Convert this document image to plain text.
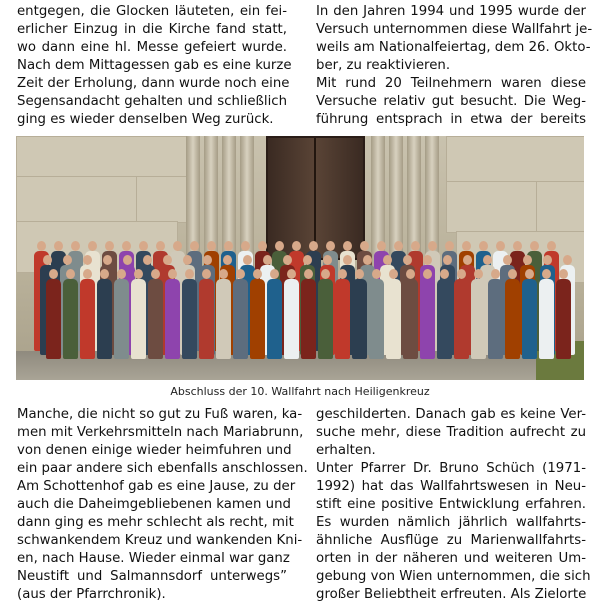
entgegen, die Glocken läuteten, ein fei-
erlicher Einzug in die Kirche fand statt,
wo dann eine hl. Messe gefeiert wurde.
Nach dem Mittagessen gab es eine kurze
Zeit der Erholung, dann wurde noch eine
Segensandacht gehalten und schließlich
ging es wieder denselben Weg zurück.
In den Jahren 1994 und 1995 wurde der
Versuch unternommen diese Wallfahrt je-
weils am Nationalfeiertag, dem 26. Okto-
ber, zu reaktivieren.
Mit rund 20 Teilnehmern waren diese
Versuche relativ gut besucht. Die Weg-
führung entsprach in etwa der bereits
Abschluss der 10. Wallfahrt nach Heiligenkreuz
Manche, die nicht so gut zu Fuß waren, ka-
men mit Verkehrsmitteln nach Mariabrunn,
von denen einige wieder heimfuhren und
ein paar andere sich ebenfalls anschlossen.
Am Schottenhof gab es eine Jause, zu der
auch die Daheimgebliebenen kamen und
dann ging es mehr schlecht als recht, mit
schwankendem Kreuz und wankenden Kni-
en, nach Hause. Wieder einmal war ganz
Neustift und Salmannsdorf unterwegs”
(aus der Pfarrchronik).
geschilderten. Danach gab es keine Ver-
suche mehr, diese Tradition aufrecht zu
erhalten.
Unter Pfarrer Dr. Bruno Schüch (1971-
1992) hat das Wallfahrtswesen in Neu-
stift eine positive Entwicklung erfahren.
Es wurden nämlich jährlich wallfahrts-
ähnliche Ausflüge zu Marienwallfahrts-
orten in der näheren und weiteren Um-
gebung von Wien unternommen, die sich
großer Beliebtheit erfreuten. Als Zielorte
